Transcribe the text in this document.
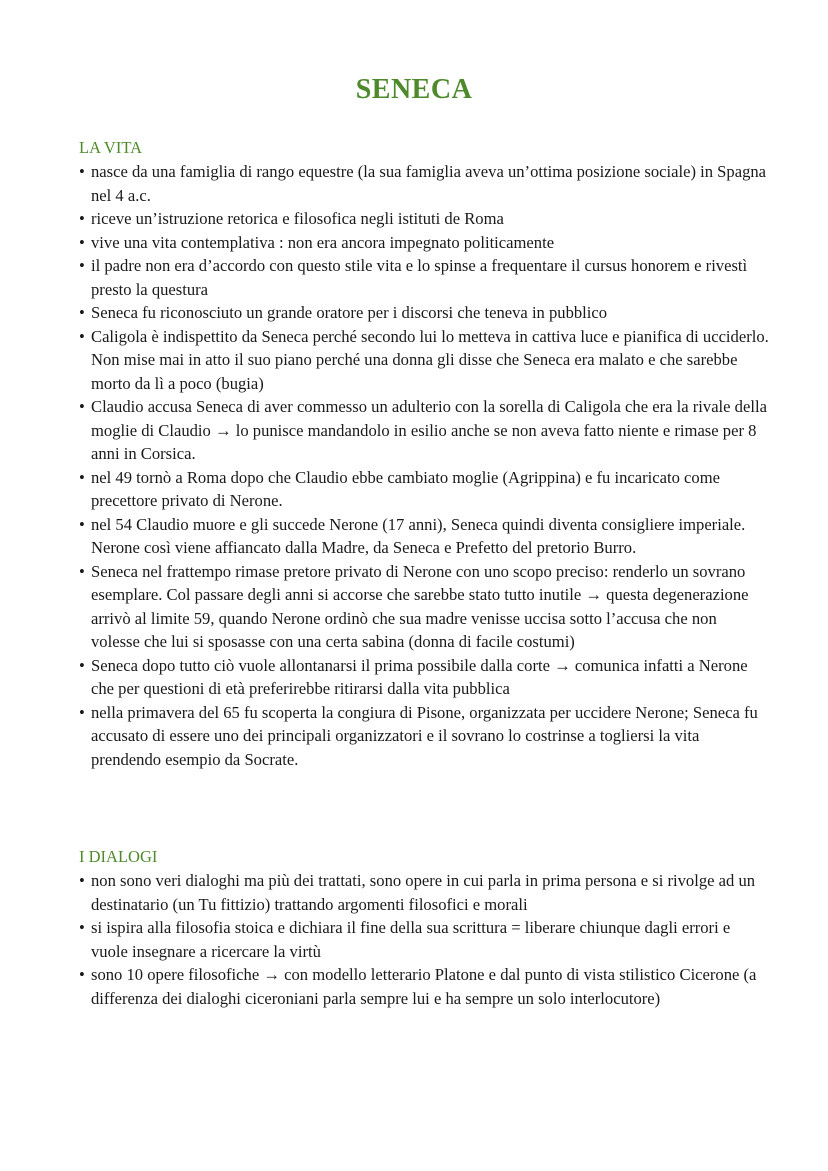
SENECA
LA VITA
• nasce da una famiglia di rango equestre (la sua famiglia aveva un’ottima posizione sociale) in Spagna nel 4 a.c.
• riceve un’istruzione retorica e filosofica negli istituti de Roma
• vive una vita contemplativa : non era ancora impegnato politicamente
• il padre non era d’accordo con questo stile vita e lo spinse a frequentare il cursus honorem e rivestì presto la questura
• Seneca fu riconosciuto un grande oratore per i discorsi che teneva in pubblico
• Caligola è indispettito da Seneca perché secondo lui lo metteva in cattiva luce e pianifica di ucciderlo. Non mise mai in atto il suo piano perché una donna gli disse che Seneca era malato e che sarebbe morto da lì a poco (bugia)
• Claudio accusa Seneca di aver commesso un adulterio con la sorella di Caligola che era la rivale della moglie di Claudio → lo punisce mandandolo in esilio anche se non aveva fatto niente e rimase per 8 anni in Corsica.
• nel 49 tornò a Roma dopo che Claudio ebbe cambiato moglie (Agrippina) e fu incaricato come precettore privato di Nerone.
• nel 54 Claudio muore e gli succede Nerone (17 anni), Seneca quindi diventa consigliere imperiale. Nerone così viene affiancato dalla Madre, da Seneca e Prefetto del pretorio Burro.
• Seneca nel frattempo rimase pretore privato di Nerone con uno scopo preciso: renderlo un sovrano esemplare. Col passare degli anni si accorse che sarebbe stato tutto inutile → questa degenerazione arrivò al limite 59, quando Nerone ordinò che sua madre venisse uccisa sotto l’accusa che non volesse che lui si sposasse con una certa sabina (donna di facile costumi)
• Seneca dopo tutto ciò vuole allontanarsi il prima possibile dalla corte → comunica infatti a Nerone che per questioni di età preferirebbe ritirarsi dalla vita pubblica
• nella primavera del 65 fu scoperta la congiura di Pisone, organizzata per uccidere Nerone; Seneca fu accusato di essere uno dei principali organizzatori e il sovrano lo costrinse a togliersi la vita prendendo esempio da Socrate.
I DIALOGI
• non sono veri dialoghi ma più dei trattati, sono opere in cui parla in prima persona e si rivolge ad un destinatario (un Tu fittizio) trattando argomenti filosofici e morali
• si ispira alla filosofia stoica e dichiara il fine della sua scrittura = liberare chiunque dagli errori e vuole insegnare a ricercare la virtù
• sono 10 opere filosofiche → con modello letterario Platone e dal punto di vista stilistico Cicerone (a differenza dei dialoghi ciceroniani parla sempre lui e ha sempre un solo interlocutore)
